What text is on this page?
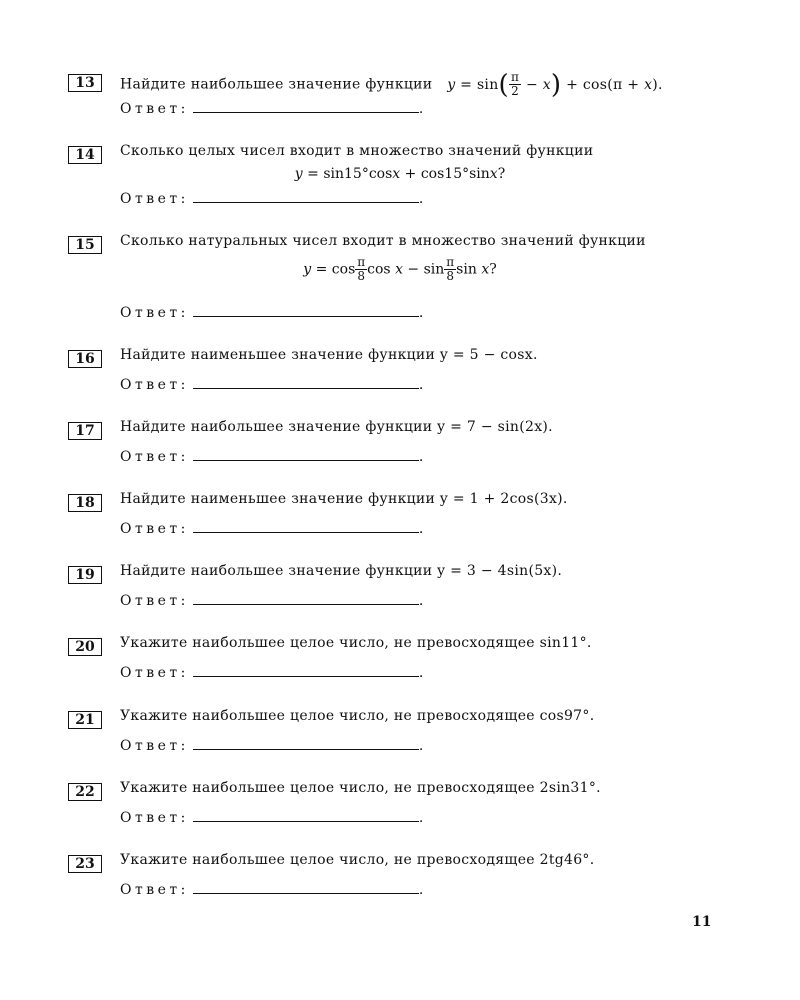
13	Найдите наибольшее значение функции $y = \sin( \frac{\pi}{2} - x) + \cos(\pi + x)$.
Ответ:	.
14	Сколько целых чисел входит в множество значений функции
y = sin15°cosx + cos15°sinx?
Ответ:	.
15	Сколько натуральных чисел входит в множество значений функции
$y = \cos \frac{\pi}{8}$ $\cos x - \sin \frac{\pi}{8}$ sin x?
Ответ:	.
16	Найдите наименьшее значение функции y = 5 − cosx.
Ответ:	.
17	Найдите наибольшее значение функции y = 7 − sin(2x).
Ответ:	.
18	Найдите наименьшее значение функции y = 1 + 2cos(3x).
Ответ:	.
19	Найдите наибольшее значение функции y = 3 − 4sin(5x).
Ответ:	.
20	Укажите наибольшее целое число, не превосходящее sin11°.
Ответ:	.
21	Укажите наибольшее целое число, не превосходящее cos97°.
Ответ:	.
22	Укажите наибольшее целое число, не превосходящее 2sin31°.
Ответ:	.
23	Укажите наибольшее целое число, не превосходящее 2tg46°.
Ответ:	.
11
